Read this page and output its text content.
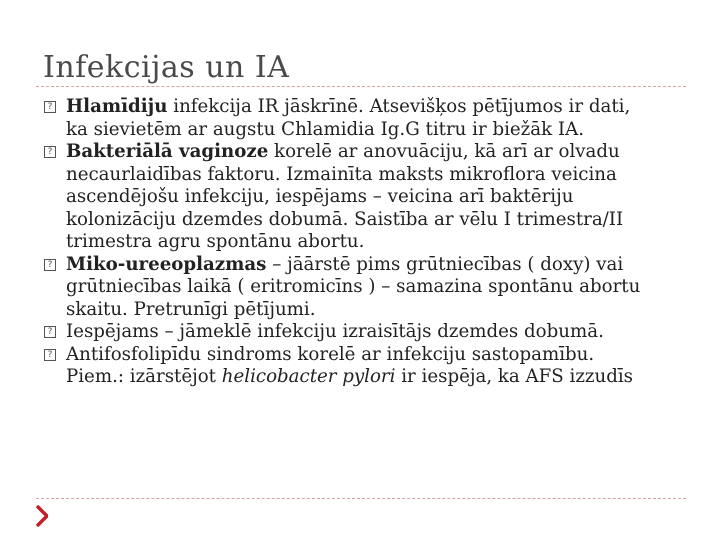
Infekcijas un IA
? Hlamīdiju infekcija IR jāskrīnē. Atsevišķos pētījumos ir dati,
ka sievietēm ar augstu Chlamidia Ig.G titru ir biežāk IA.
? Bakteriālā vaginoze korelē ar anovuāciju, kā arī ar olvadu
necaurlaidības faktoru. Izmainīta maksts mikroflora veicina
ascendējošu infekciju, iespējams – veicina arī baktēriju
kolonizāciju dzemdes dobumā. Saistība ar vēlu I trimestra/II
trimestra agru spontānu abortu.
? Miko-ureeoplazmas – jāārstē pims grūtniecības ( doxy) vai
grūtniecības laikā ( eritromicīns ) – samazina spontānu abortu
skaitu. Pretrunīgi pētījumi.
? Iespējams – jāmeklē infekciju izraisītājs dzemdes dobumā.
? Antifosfolipīdu sindroms korelē ar infekciju sastopamību.
Piem.: izārstējot helicobacter pylori ir iespēja, ka AFS izzudīs
